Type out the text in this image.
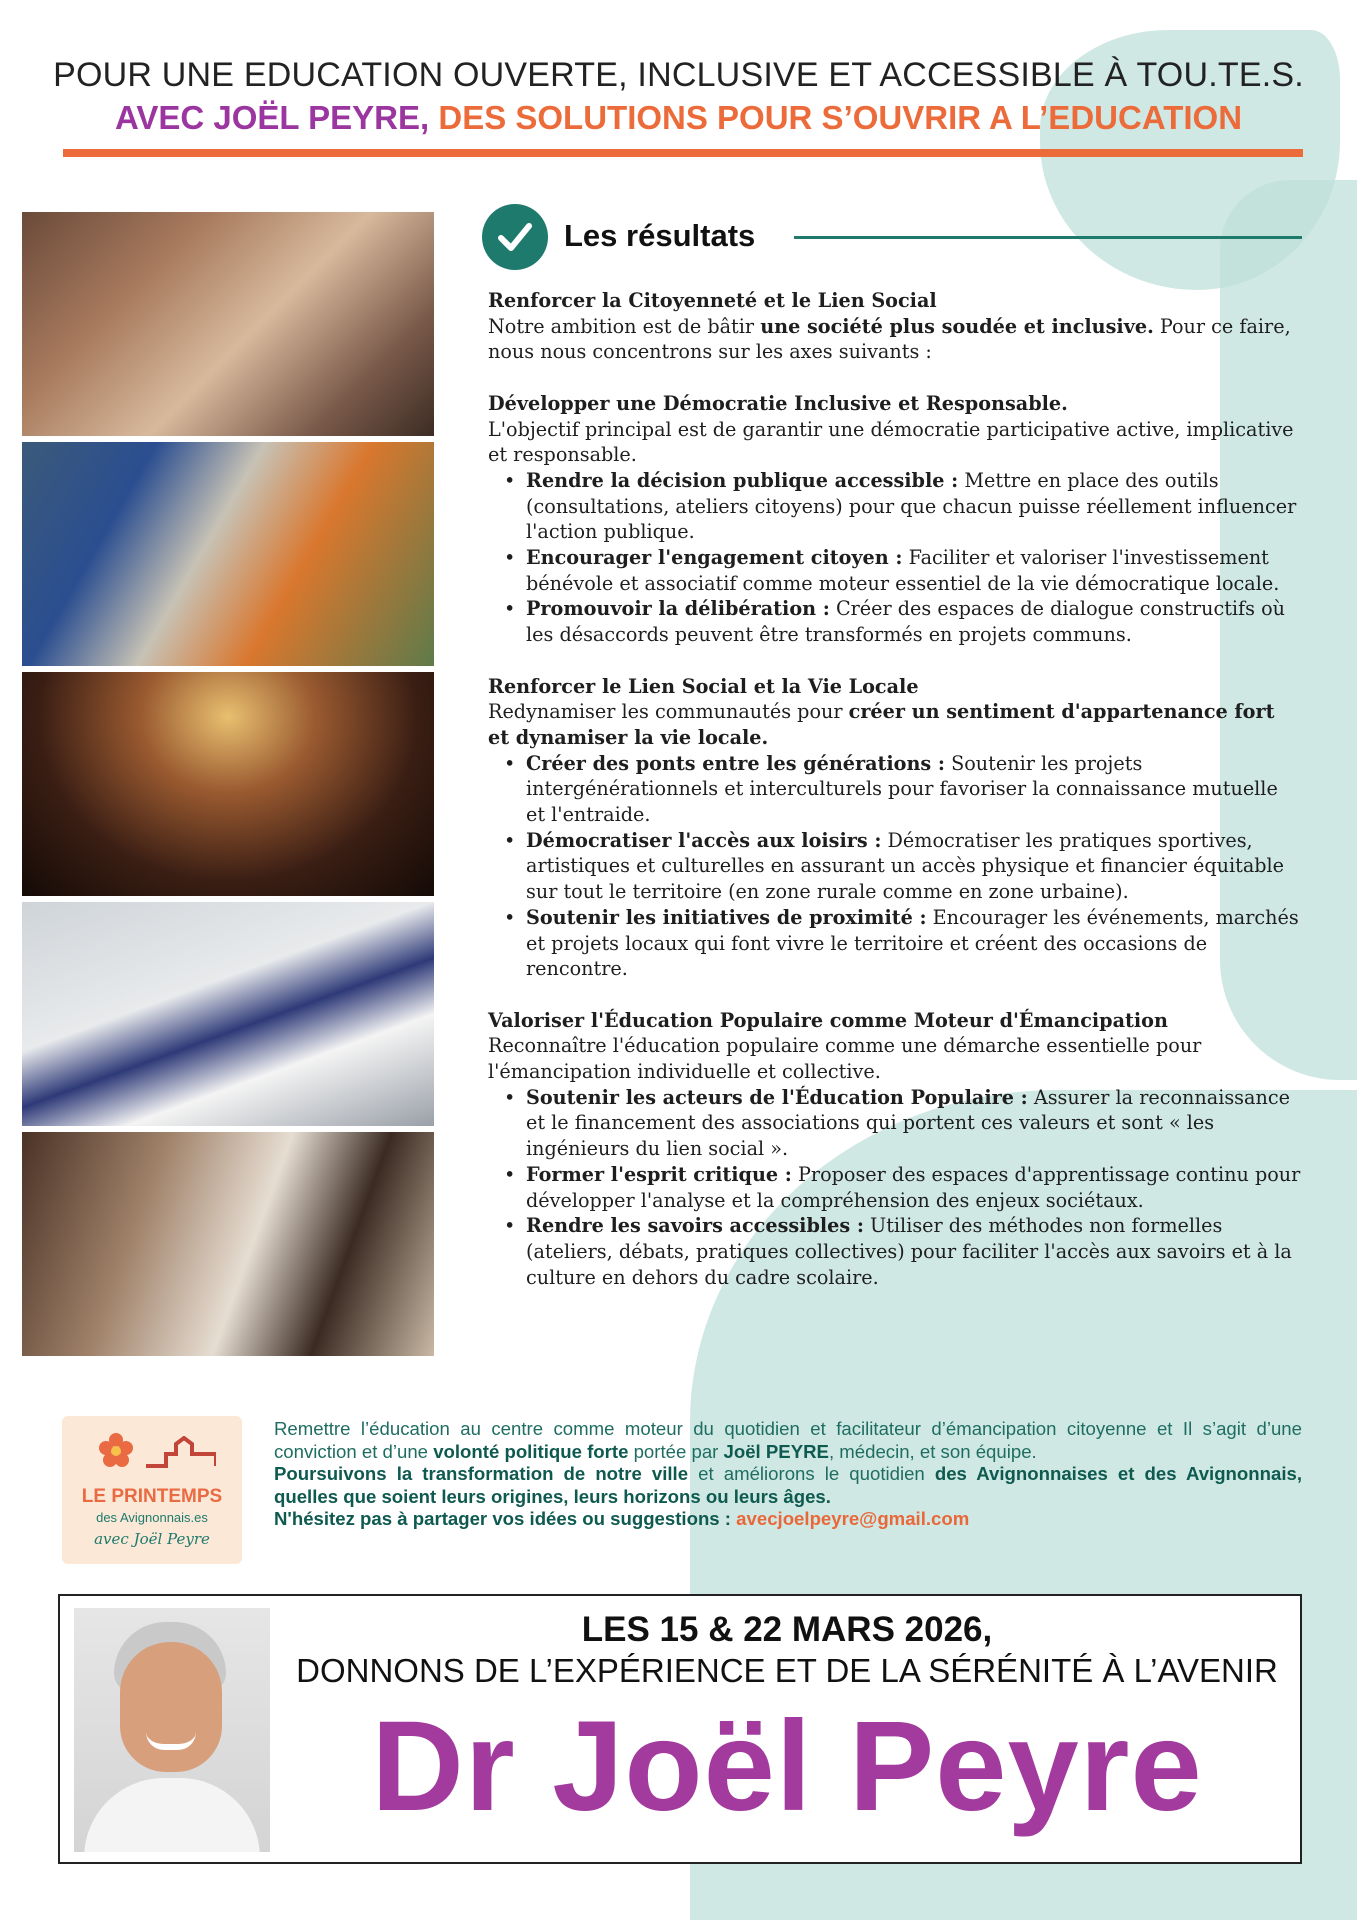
POUR UNE EDUCATION OUVERTE, INCLUSIVE ET ACCESSIBLE À TOU.TE.S.
AVEC JOËL PEYRE, DES SOLUTIONS POUR S’OUVRIR A L’EDUCATION
Les résultats
Renforcer la Citoyenneté et le Lien Social
Notre ambition est de bâtir une société plus soudée et inclusive. Pour ce faire, nous nous concentrons sur les axes suivants :
Développer une Démocratie Inclusive et Responsable.
L'objectif principal est de garantir une démocratie participative active, implicative et responsable.
• Rendre la décision publique accessible : Mettre en place des outils (consultations, ateliers citoyens) pour que chacun puisse réellement influencer l'action publique.
• Encourager l'engagement citoyen : Faciliter et valoriser l'investissement bénévole et associatif comme moteur essentiel de la vie démocratique locale.
• Promouvoir la délibération : Créer des espaces de dialogue constructifs où les désaccords peuvent être transformés en projets communs.
Renforcer le Lien Social et la Vie Locale
Redynamiser les communautés pour créer un sentiment d'appartenance fort et dynamiser la vie locale.
• Créer des ponts entre les générations : Soutenir les projets intergénérationnels et interculturels pour favoriser la connaissance mutuelle et l'entraide.
• Démocratiser l'accès aux loisirs : Démocratiser les pratiques sportives, artistiques et culturelles en assurant un accès physique et financier équitable sur tout le territoire (en zone rurale comme en zone urbaine).
• Soutenir les initiatives de proximité : Encourager les événements, marchés et projets locaux qui font vivre le territoire et créent des occasions de rencontre.
Valoriser l'Éducation Populaire comme Moteur d'Émancipation
Reconnaître l'éducation populaire comme une démarche essentielle pour l'émancipation individuelle et collective.
• Soutenir les acteurs de l'Éducation Populaire : Assurer la reconnaissance et le financement des associations qui portent ces valeurs et sont « les ingénieurs du lien social ».
• Former l'esprit critique : Proposer des espaces d'apprentissage continu pour développer l'analyse et la compréhension des enjeux sociétaux.
• Rendre les savoirs accessibles : Utiliser des méthodes non formelles (ateliers, débats, pratiques collectives) pour faciliter l'accès aux savoirs et à la culture en dehors du cadre scolaire.
LE PRINTEMPS
des Avignonnais.es
avec Joël Peyre
Remettre l’éducation au centre comme moteur du quotidien et facilitateur d’émancipation citoyenne et Il s’agit d’une conviction et d’une volonté politique forte portée par Joël PEYRE, médecin, et son équipe.
Poursuivons la transformation de notre ville et améliorons le quotidien des Avignonnaises et des Avignonnais, quelles que soient leurs origines, leurs horizons ou leurs âges.
N'hésitez pas à partager vos idées ou suggestions : avecjoelpeyre@gmail.com
LES 15 & 22 MARS 2026,
DONNONS DE L’EXPÉRIENCE ET DE LA SÉRÉNITÉ À L’AVENIR
Dr Joël Peyre
